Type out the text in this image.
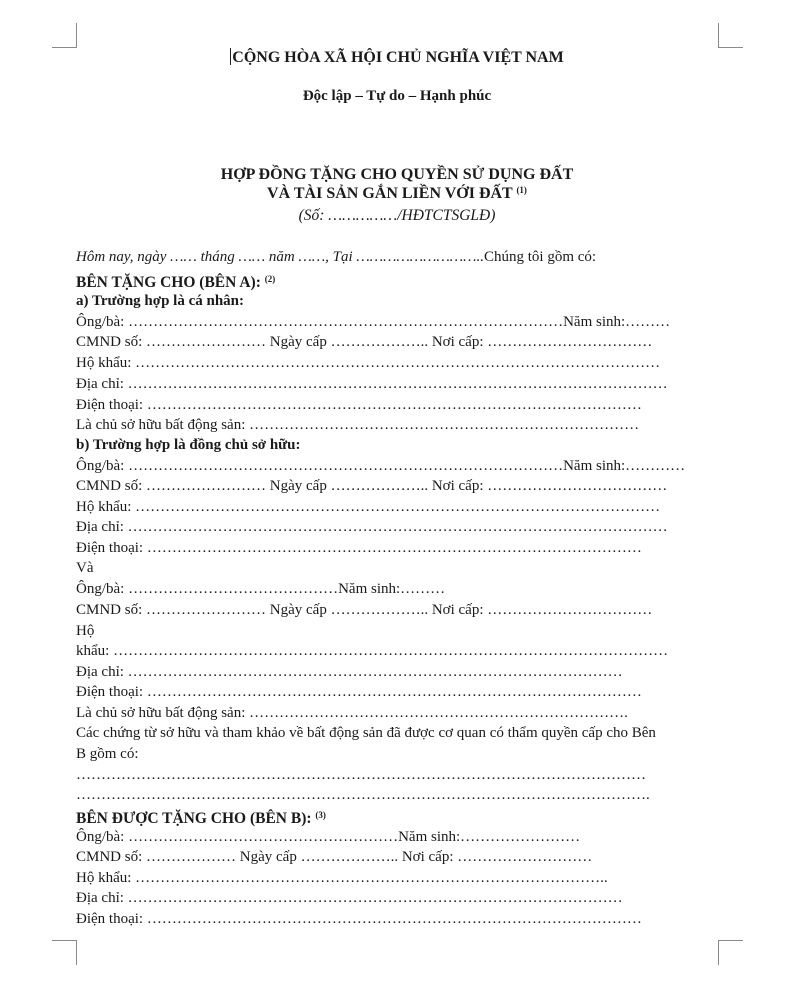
CỘNG HÒA XÃ HỘI CHỦ NGHĨA VIỆT NAM
Độc lập – Tự do – Hạnh phúc
HỢP ĐỒNG TẶNG CHO QUYỀN SỬ DỤNG ĐẤT
VÀ TÀI SẢN GẮN LIỀN VỚI ĐẤT $^{(1)}$
(Số: ……………/HĐTCTSGLĐ)
Hôm nay, ngày …… tháng …… năm ……, Tại ………………………..Chúng tôi gồm có:
BÊN TẶNG CHO (BÊN A): $^{(2)}$
a) Trường hợp là cá nhân:
Ông/bà: ……………………………………………………………………………Năm sinh:………
CMND số: …………………… Ngày cấp ……………….. Nơi cấp: ……………………………
Hộ khẩu: ……………………………………………………………………………………………
Địa chỉ: ………………………………………………………………………………………………
Điện thoại: ………………………………………………………………………………………
Là chủ sở hữu bất động sản: ……………………………………………………………………
b) Trường hợp là đồng chủ sở hữu:
Ông/bà: ……………………………………………………………………………Năm sinh:…………
CMND số: …………………… Ngày cấp ……………….. Nơi cấp: ………………………………
Hộ khẩu: ……………………………………………………………………………………………
Địa chỉ: ………………………………………………………………………………………………
Điện thoại: ………………………………………………………………………………………
Và
Ông/bà: ……………………………………Năm sinh:………
CMND số: …………………… Ngày cấp ……………….. Nơi cấp: ……………………………
Hộ
khẩu: …………………………………………………………………………………………………
Địa chỉ: ………………………………………………………………………………………
Điện thoại: ………………………………………………………………………………………
Là chủ sở hữu bất động sản: ………………………………………………………………….
Các chứng từ sở hữu và tham khảo về bất động sản đã được cơ quan có thẩm quyền cấp cho Bên
B gồm có:
……………………………………………………………………………………………………
…………………………………………………………………………………………………….
BÊN ĐƯỢC TẶNG CHO (BÊN B): $^{(3)}$
Ông/bà: ………………………………………………Năm sinh:……………………
CMND số: ……………… Ngày cấp ……………….. Nơi cấp: ………………………
Hộ khẩu: …………………………………………………………………………………..
Địa chỉ: ………………………………………………………………………………………
Điện thoại: ………………………………………………………………………………………
